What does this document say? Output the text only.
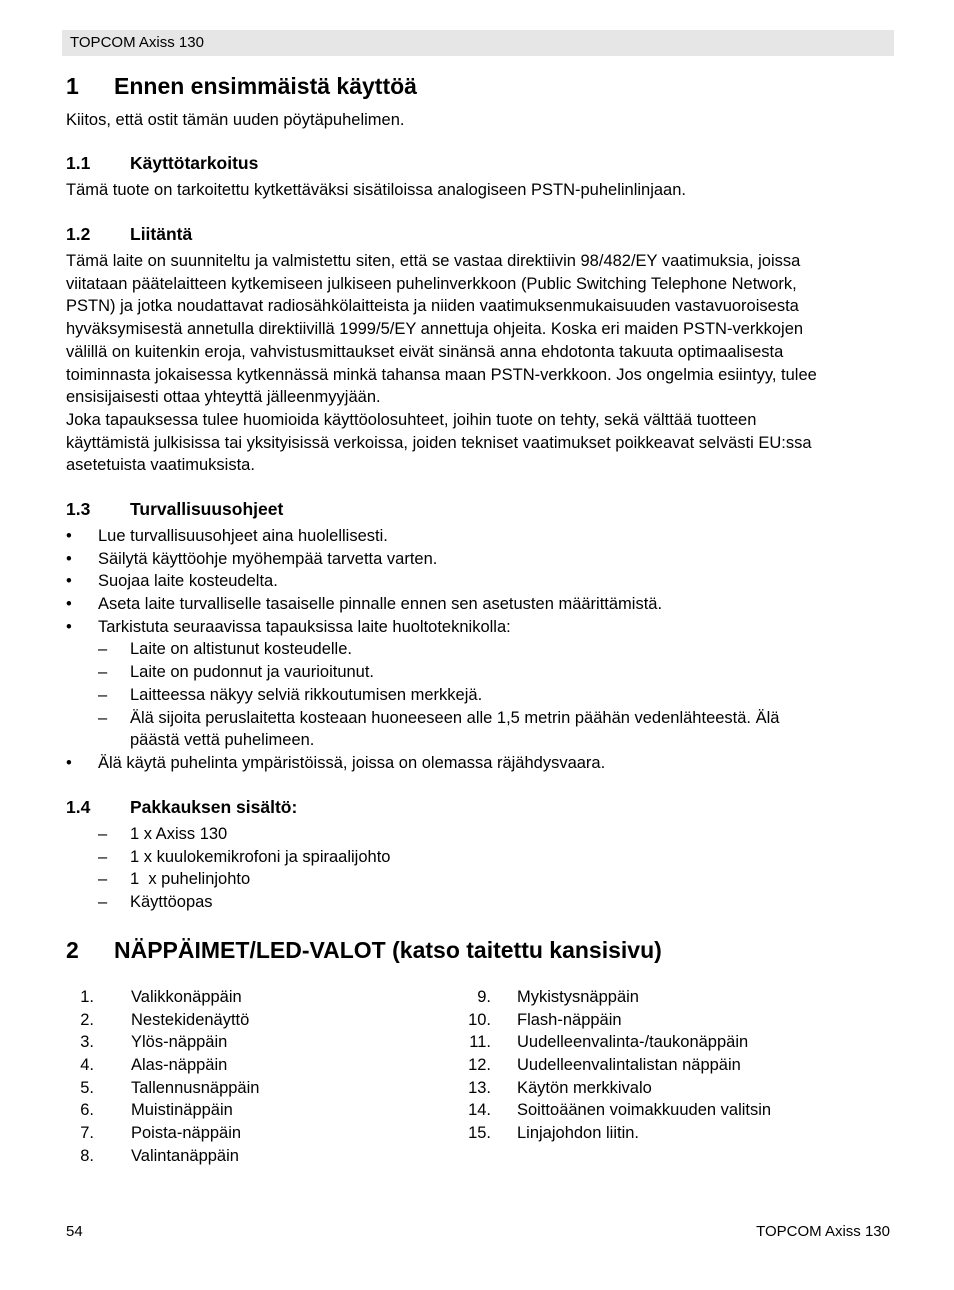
TOPCOM Axiss 130
1 Ennen ensimmäistä käyttöä
Kiitos, että ostit tämän uuden pöytäpuhelimen.
1.1 Käyttötarkoitus
Tämä tuote on tarkoitettu kytkettäväksi sisätiloissa analogiseen PSTN-puhelinlinjaan.
1.2 Liitäntä
Tämä laite on suunniteltu ja valmistettu siten, että se vastaa direktiivin 98/482/EY vaatimuksia, joissa
viitataan päätelaitteen kytkemiseen julkiseen puhelinverkkoon (Public Switching Telephone Network,
PSTN) ja jotka noudattavat radiosähkölaitteista ja niiden vaatimuksenmukaisuuden vastavuoroisesta
hyväksymisestä annetulla direktiivillä 1999/5/EY annettuja ohjeita. Koska eri maiden PSTN-verkkojen
välillä on kuitenkin eroja, vahvistusmittaukset eivät sinänsä anna ehdotonta takuuta optimaalisesta
toiminnasta jokaisessa kytkennässä minkä tahansa maan PSTN-verkkoon. Jos ongelmia esiintyy, tulee
ensisijaisesti ottaa yhteyttä jälleenmyyjään.
Joka tapauksessa tulee huomioida käyttöolosuhteet, joihin tuote on tehty, sekä välttää tuotteen
käyttämistä julkisissa tai yksityisissä verkoissa, joiden tekniset vaatimukset poikkeavat selvästi EU:ssa
asetetuista vaatimuksista.
1.3 Turvallisuusohjeet
• Lue turvallisuusohjeet aina huolellisesti.
• Säilytä käyttöohje myöhempää tarvetta varten.
• Suojaa laite kosteudelta.
• Aseta laite turvalliselle tasaiselle pinnalle ennen sen asetusten määrittämistä.
• Tarkistuta seuraavissa tapauksissa laite huoltoteknikolla:
– Laite on altistunut kosteudelle.
– Laite on pudonnut ja vaurioitunut.
– Laitteessa näkyy selviä rikkoutumisen merkkejä.
– Älä sijoita peruslaitetta kosteaan huoneeseen alle 1,5 metrin päähän vedenlähteestä. Älä
päästä vettä puhelimeen.
• Älä käytä puhelinta ympäristöissä, joissa on olemassa räjähdysvaara.
1.4 Pakkauksen sisältö:
– 1 x Axiss 130
– 1 x kuulokemikrofoni ja spiraalijohto
– 1  x puhelinjohto
– Käyttöopas
2 NÄPPÄIMET/LED-VALOT (katso taitettu kansisivu)
1. Valikkonäppäin
2. Nestekidenäyttö
3. Ylös-näppäin
4. Alas-näppäin
5. Tallennusnäppäin
6. Muistinäppäin
7. Poista-näppäin
8. Valintanäppäin
9. Mykistysnäppäin
10. Flash-näppäin
11. Uudelleenvalinta-/taukonäppäin
12. Uudelleenvalintalistan näppäin
13. Käytön merkkivalo
14. Soittoäänen voimakkuuden valitsin
15. Linjajohdon liitin.
54	TOPCOM Axiss 130
